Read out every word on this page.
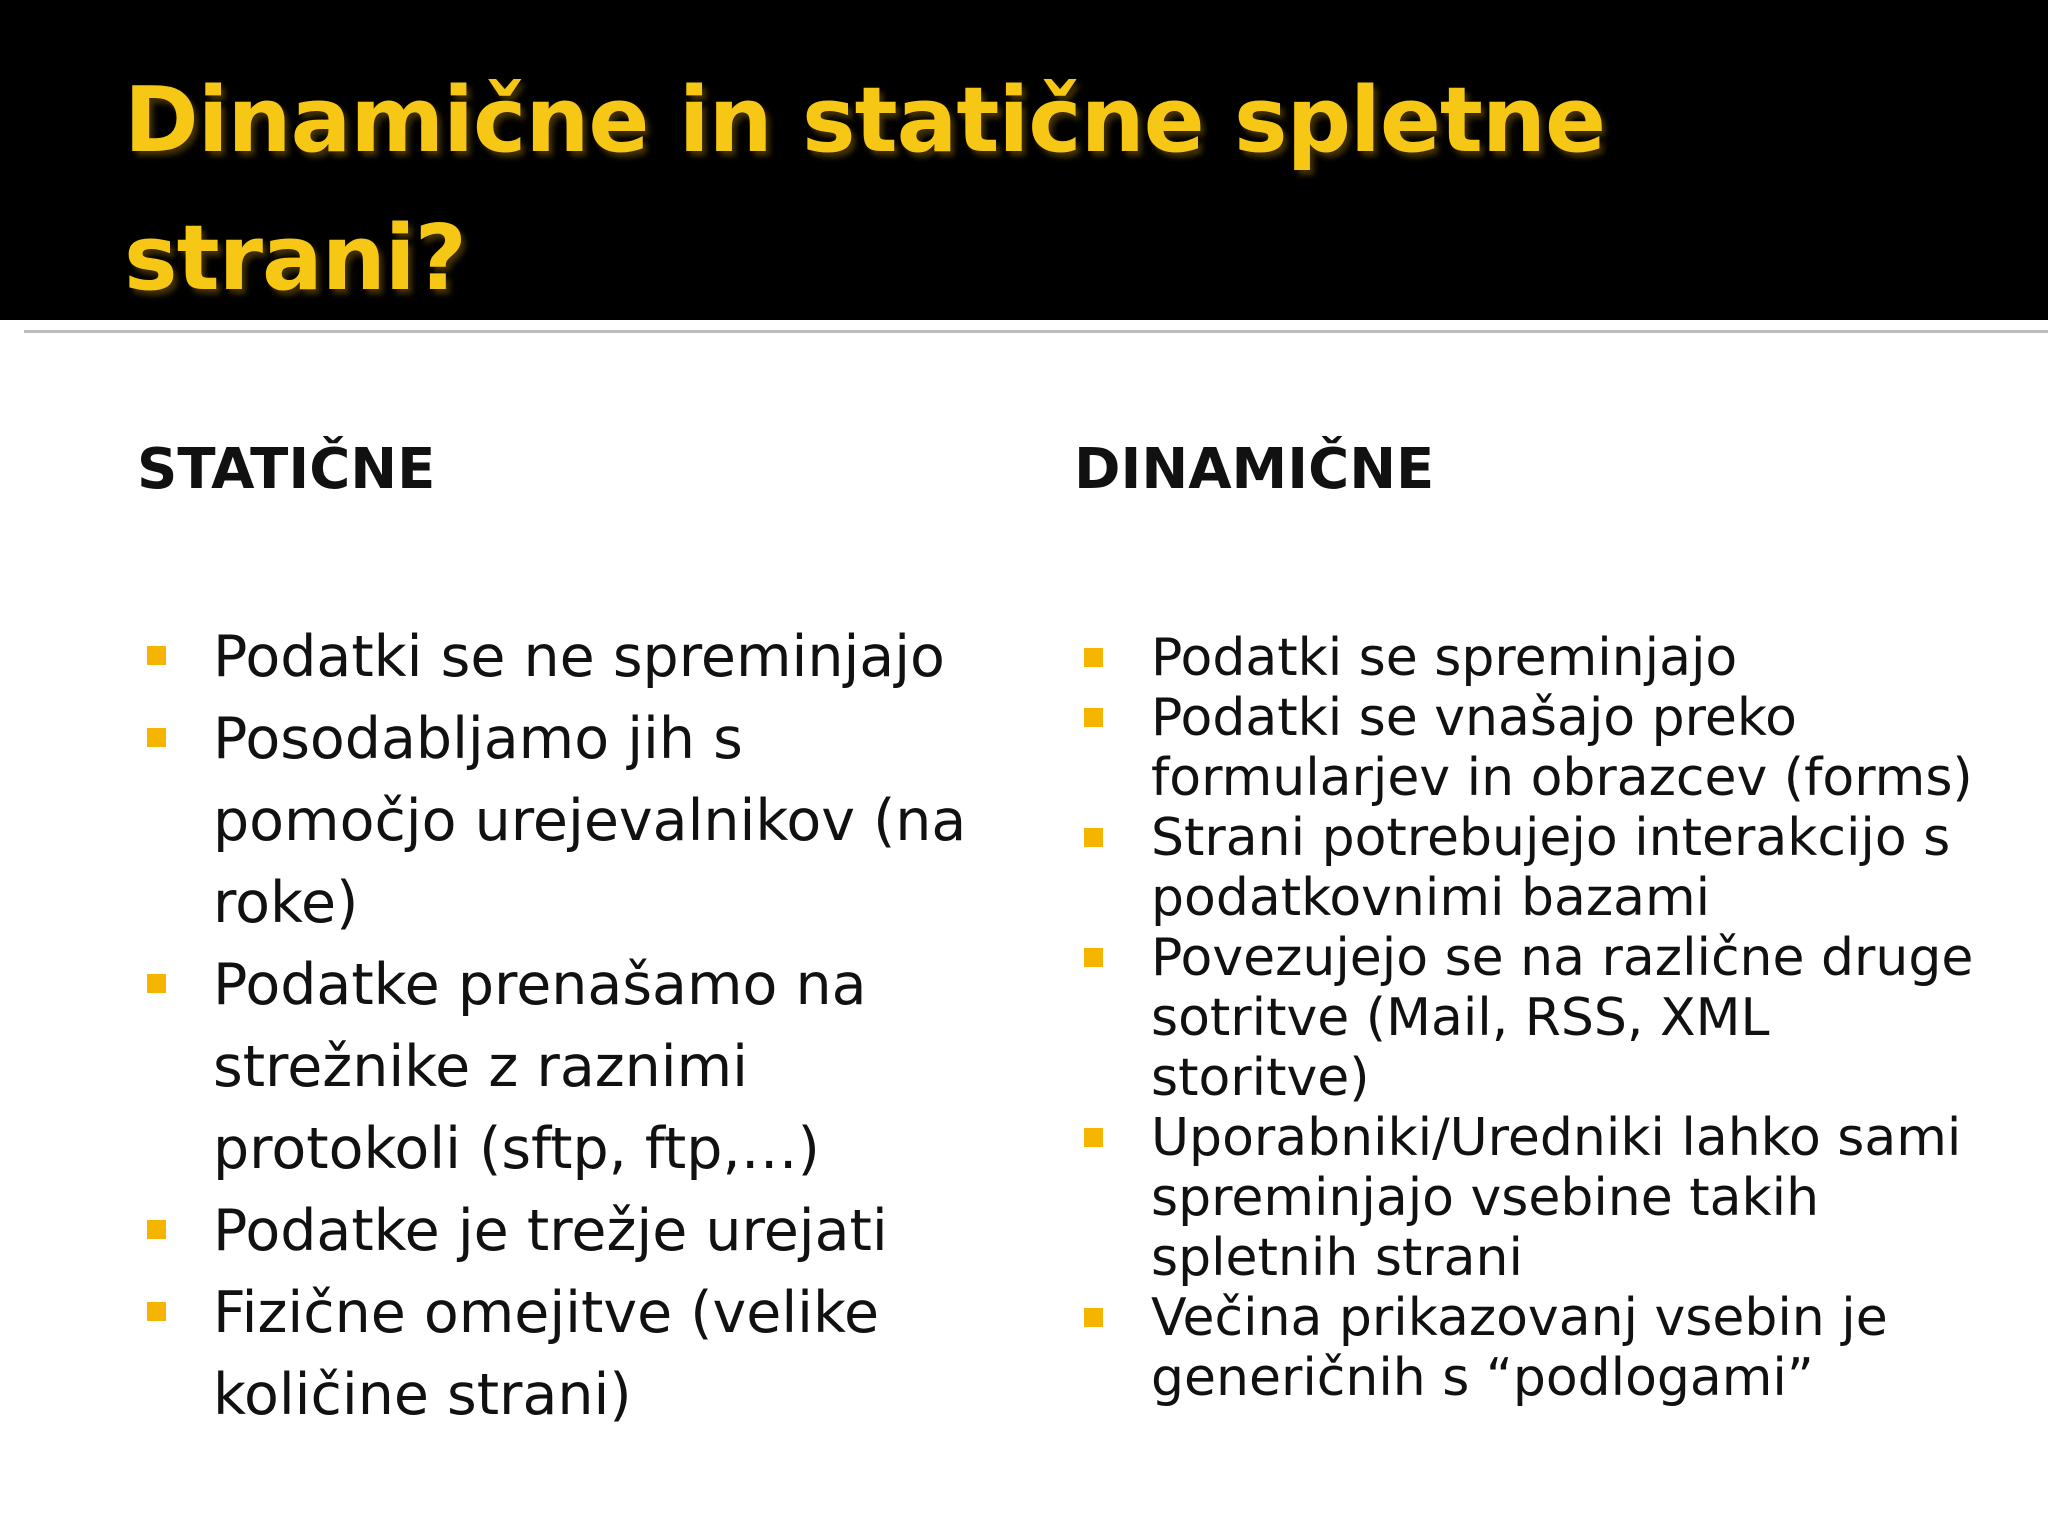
Dinamične in statične spletne strani?
STATIČNE
Podatki se ne spreminjajo
Posodabljamo jih s pomočjo urejevalnikov (na roke)
Podatke prenašamo na strežnike z raznimi protokoli (sftp, ftp,…)
Podatke je trežje urejati
Fizične omejitve (velike količine strani)
DINAMIČNE
Podatki se spreminjajo
Podatki se vnašajo preko formularjev in obrazcev (forms)
Strani potrebujejo interakcijo s podatkovnimi bazami
Povezujejo se na različne druge sotritve (Mail, RSS, XML storitve)
Uporabniki/Uredniki lahko sami spreminjajo vsebine takih spletnih strani
Večina prikazovanj vsebin je generičnih s “podlogami”
